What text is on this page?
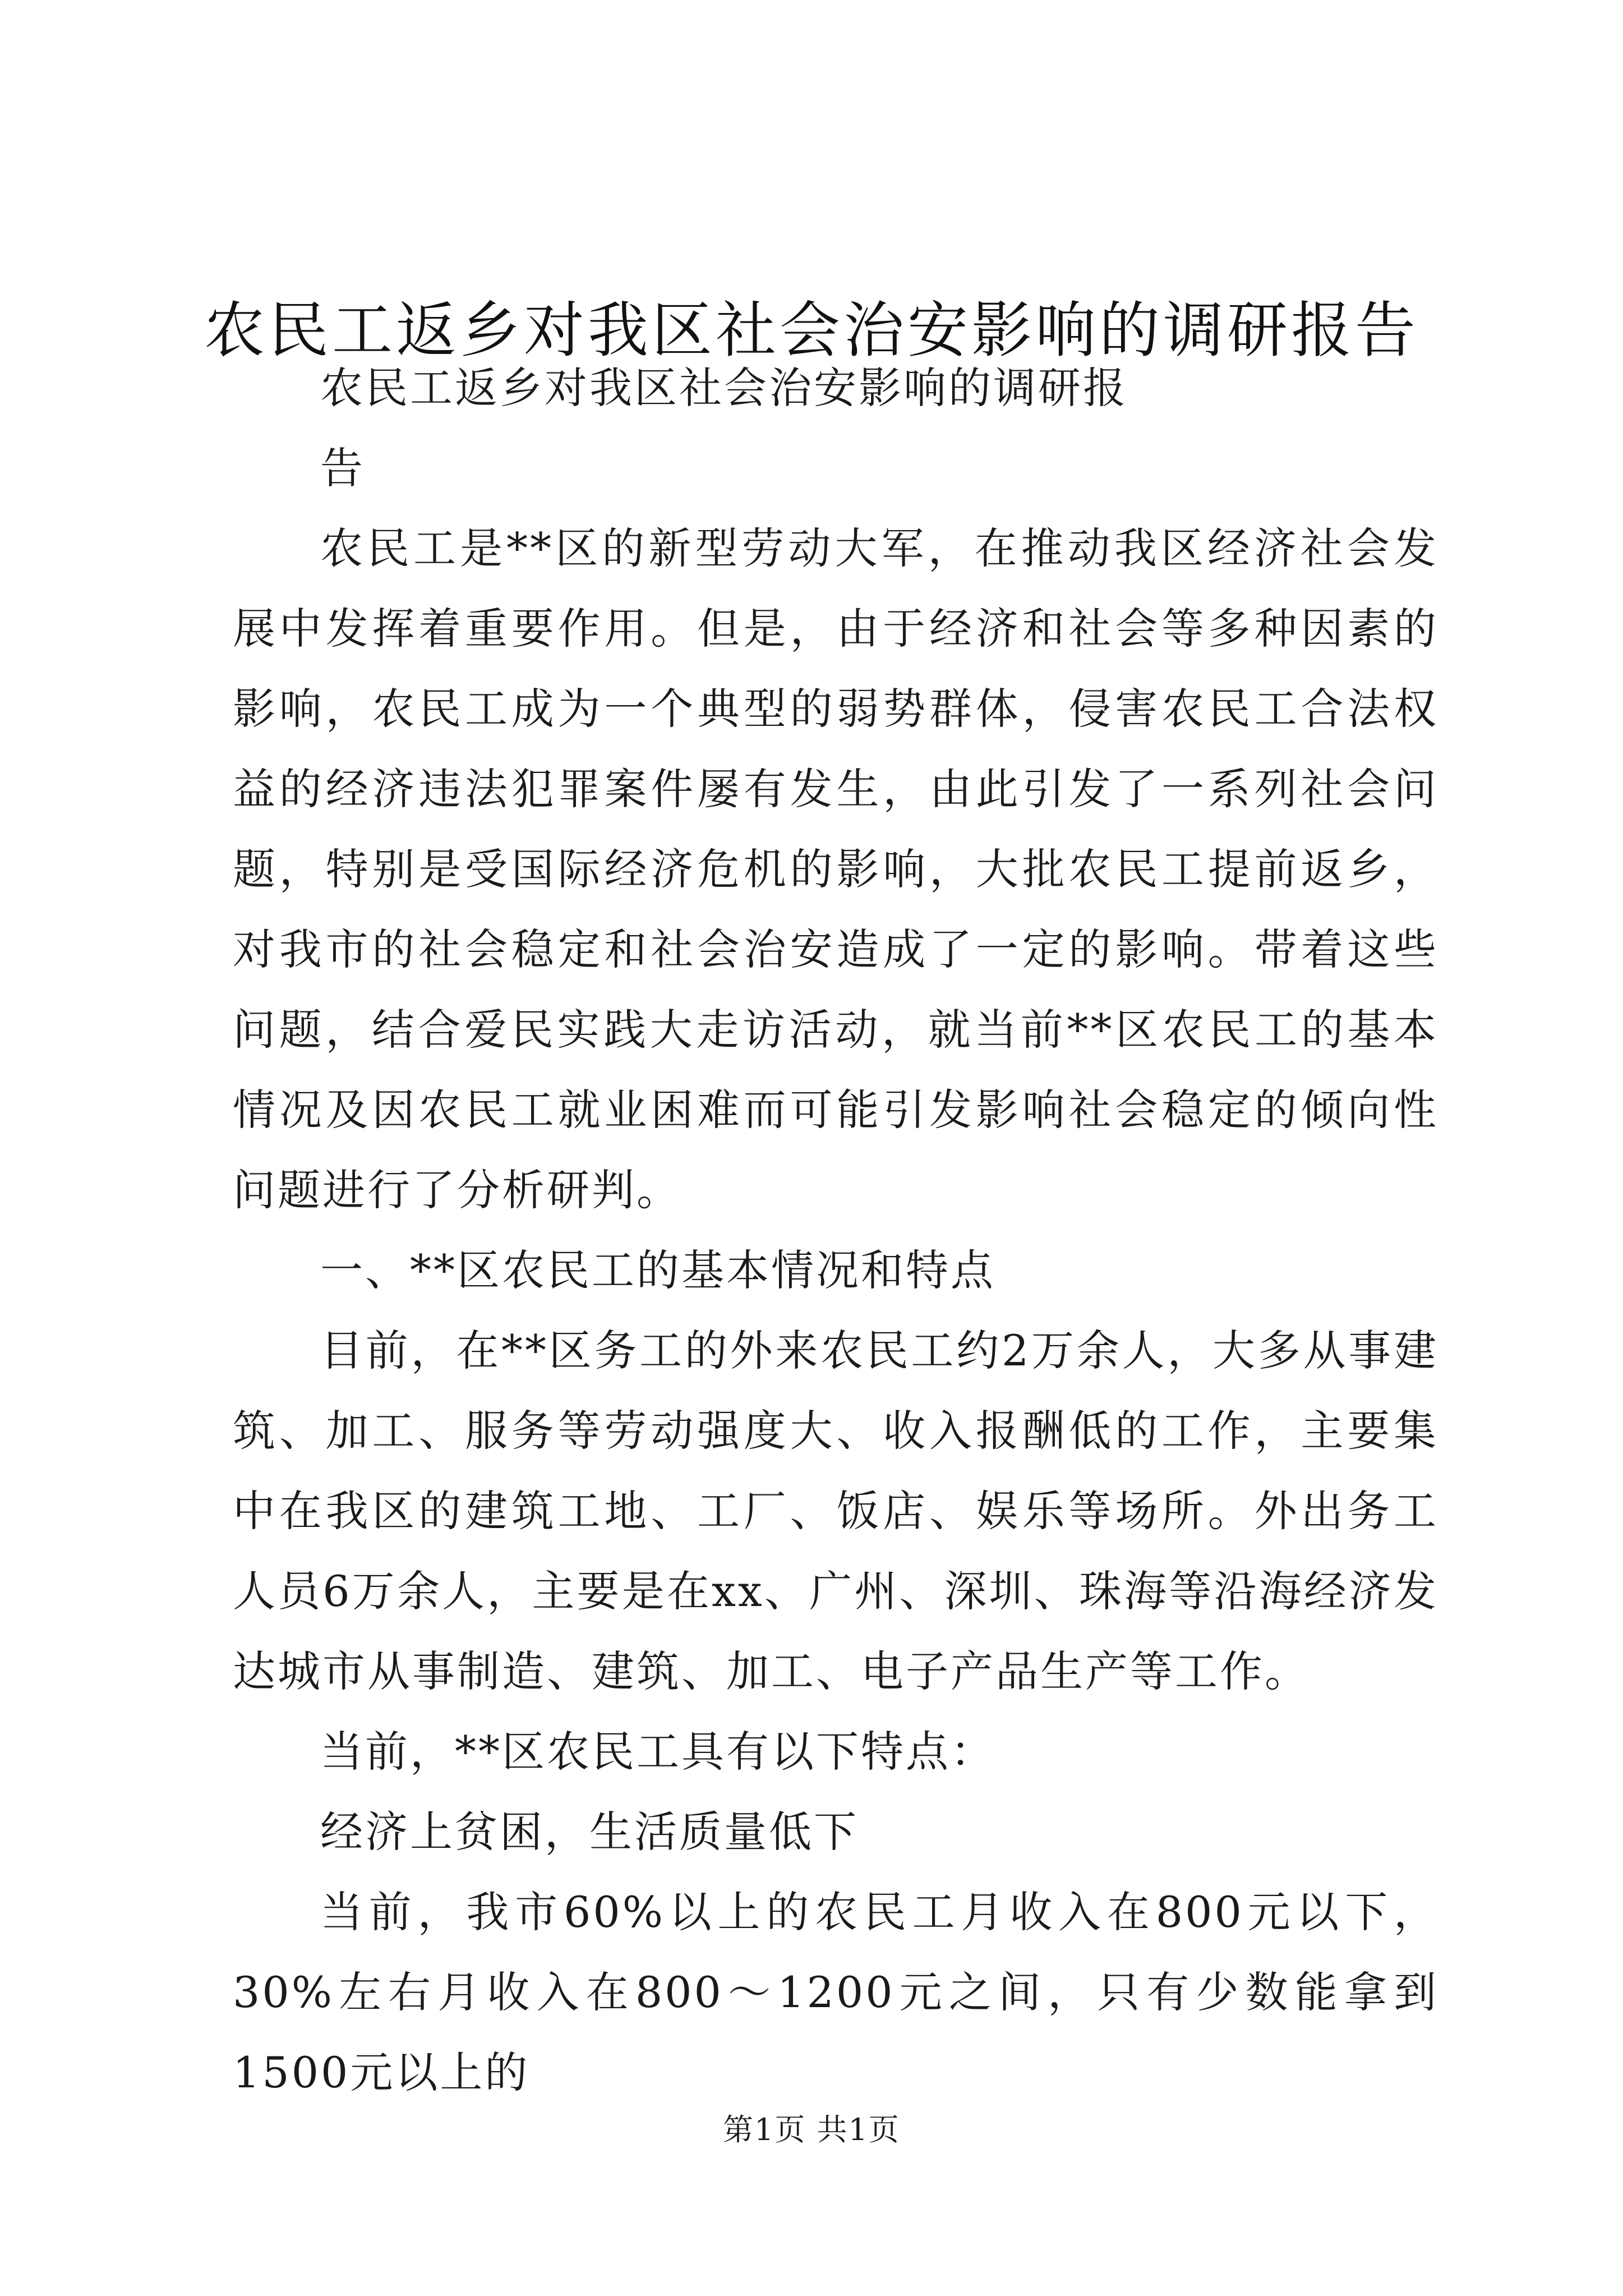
农民工返乡对我区社会治安影响的调研报告

农民工返乡对我区社会治安影响的调研报

告

农民工是**区的新型劳动大军，在推动我区经济社会发展中发挥着重要作用。但是，由于经济和社会等多种因素的影响，农民工成为一个典型的弱势群体，侵害农民工合法权益的经济违法犯罪案件屡有发生，由此引发了一系列社会问题，特别是受国际经济危机的影响，大批农民工提前返乡，对我市的社会稳定和社会治安造成了一定的影响。带着这些问题，结合爱民实践大走访活动，就当前**区农民工的基本情况及因农民工就业困难而可能引发影响社会稳定的倾向性问题进行了分析研判。

一、**区农民工的基本情况和特点

目前，在**区务工的外来农民工约2万余人，大多从事建筑、加工、服务等劳动强度大、收入报酬低的工作，主要集中在我区的建筑工地、工厂、饭店、娱乐等场所。外出务工人员6万余人，主要是在xx、广州、深圳、珠海等沿海经济发达城市从事制造、建筑、加工、电子产品生产等工作。

当前，**区农民工具有以下特点：

经济上贫困，生活质量低下

当前，我市60%以上的农民工月收入在800元以下，30%左右月收入在800～1200元之间，只有少数能拿到1500元以上的

第1页 共1页
